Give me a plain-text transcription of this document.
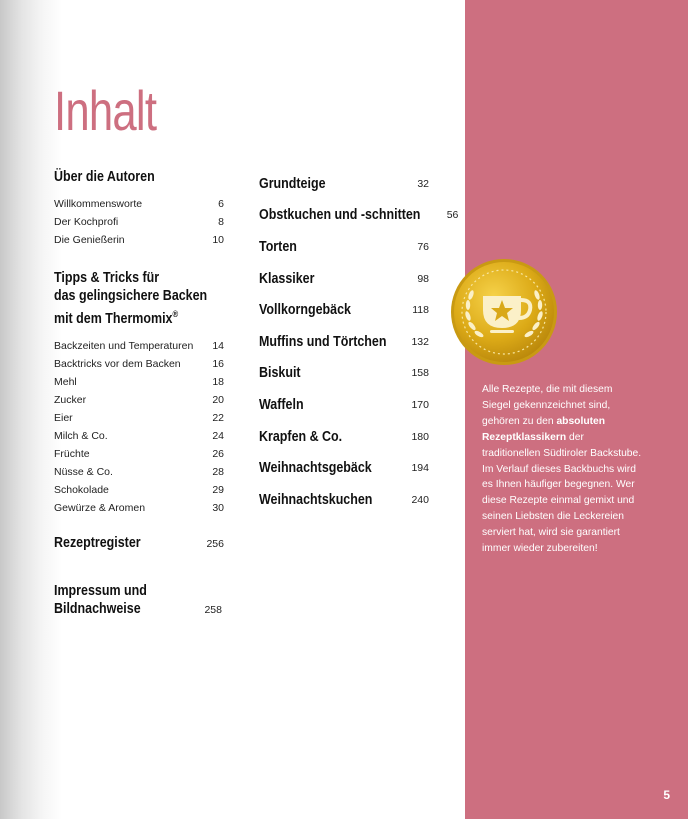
Inhalt
Über die Autoren
Willkommensworte	6
Der Kochprofi	8
Die Genießerin	10
Tipps & Tricks für
das gelingsichere Backen
mit dem Thermomix®
Backzeiten und Temperaturen 14
Backtricks vor dem Backen	16
Mehl	18
Zucker	20
Eier	22
Milch & Co.	24
Früchte	26
Nüsse & Co.	28
Schokolade	29
Gewürze & Aromen	30
Rezeptregister	256
Impressum und
Bildnachweise	258
Grundteige	32
Obstkuchen und -schnitten	56
Torten	76
Klassiker	98
Vollkorngebäck	118
Muffins und Törtchen 132
Biskuit	158
Waffeln	170
Krapfen & Co.	180
Weihnachtsgebäck	194
Weihnachtskuchen	240

Alle Rezepte, die mit diesem Siegel gekennzeichnet sind, gehören zu den absoluten Rezeptklassikern der traditionellen Südtiroler Backstube. Im Verlauf dieses Backbuchs wird es Ihnen häufiger begegnen. Wer diese Rezepte einmal gemixt und seinen Liebsten die Leckereien serviert hat, wird sie garantiert immer wieder zubereiten!

5
